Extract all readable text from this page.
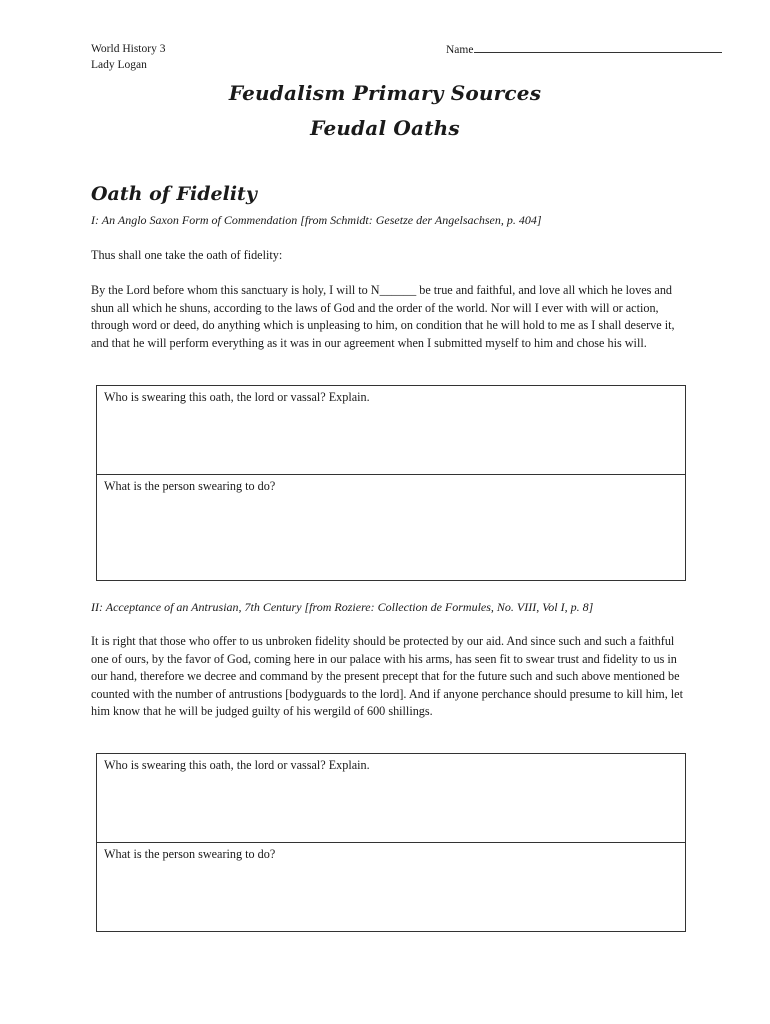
World History 3
Lady Logan
Name
Feudalism Primary Sources
Feudal Oaths
Oath of Fidelity
I: An Anglo Saxon Form of Commendation [from Schmidt: Gesetze der Angelsachsen, p. 404]
Thus shall one take the oath of fidelity:
By the Lord before whom this sanctuary is holy, I will to N______ be true and faithful, and love all which he loves and shun all which he shuns, according to the laws of God and the order of the world. Nor will I ever with will or action, through word or deed, do anything which is unpleasing to him, on condition that he will hold to me as I shall deserve it, and that he will perform everything as it was in our agreement when I submitted myself to him and chose his will.
Who is swearing this oath, the lord or vassal? Explain.
What is the person swearing to do?
II: Acceptance of an Antrusian, 7th Century [from Roziere: Collection de Formules, No. VIII, Vol I, p. 8]
It is right that those who offer to us unbroken fidelity should be protected by our aid. And since such and such a faithful one of ours, by the favor of God, coming here in our palace with his arms, has seen fit to swear trust and fidelity to us in our hand, therefore we decree and command by the present precept that for the future such and such above mentioned be counted with the number of antrustions [bodyguards to the lord]. And if anyone perchance should presume to kill him, let him know that he will be judged guilty of his wergild of 600 shillings.
Who is swearing this oath, the lord or vassal? Explain.
What is the person swearing to do?
